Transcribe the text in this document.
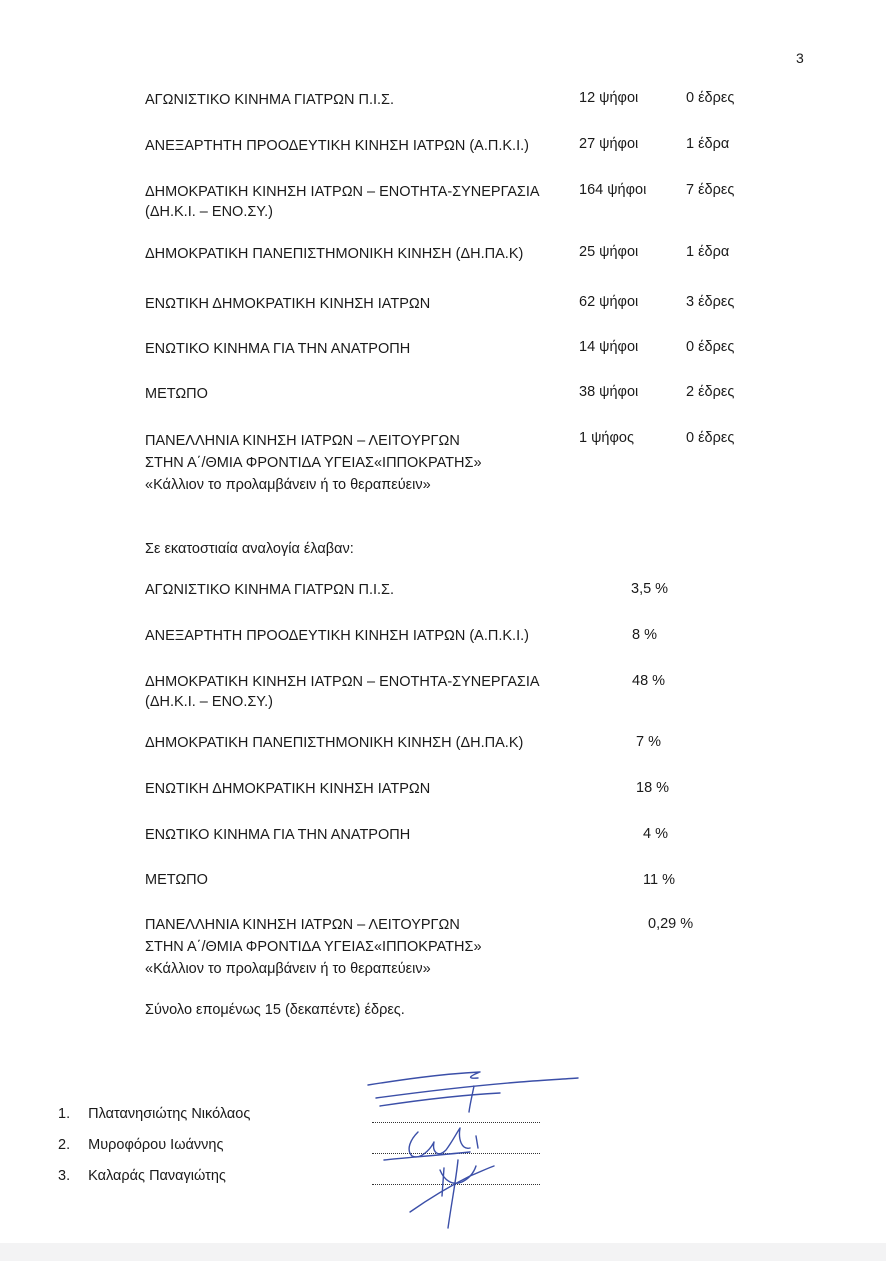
3
ΑΓΩΝΙΣΤΙΚΟ ΚΙΝΗΜΑ ΓΙΑΤΡΩΝ Π.Ι.Σ.	12 ψήφοι	0 έδρες
ΑΝΕΞΑΡΤΗΤΗ ΠΡΟΟΔΕΥΤΙΚΗ ΚΙΝΗΣΗ ΙΑΤΡΩΝ (Α.Π.Κ.Ι.)	27 ψήφοι	1 έδρα
ΔΗΜΟΚΡΑΤΙΚΗ ΚΙΝΗΣΗ ΙΑΤΡΩΝ – ΕΝΟΤΗΤΑ-ΣΥΝΕΡΓΑΣΙΑ
(ΔΗ.Κ.Ι. – ΕΝΟ.ΣΥ.)
164 ψήφοι	7 έδρες
ΔΗΜΟΚΡΑΤΙΚΗ ΠΑΝΕΠΙΣΤΗΜΟΝΙΚΗ ΚΙΝΗΣΗ (ΔΗ.ΠΑ.Κ)	25 ψήφοι	1 έδρα
ΕΝΩΤΙΚΗ ΔΗΜΟΚΡΑΤΙΚΗ ΚΙΝΗΣΗ ΙΑΤΡΩΝ	62 ψήφοι	3 έδρες
ΕΝΩΤΙΚΟ ΚΙΝΗΜΑ ΓΙΑ ΤΗΝ ΑΝΑΤΡΟΠΗ	14 ψήφοι	0 έδρες
ΜΕΤΩΠΟ	38 ψήφοι	2 έδρες
ΠΑΝΕΛΛΗΝΙΑ ΚΙΝΗΣΗ ΙΑΤΡΩΝ – ΛΕΙΤΟΥΡΓΩΝ
ΣΤΗΝ Α΄/ΘΜΙΑ ΦΡΟΝΤΙΔΑ ΥΓΕΙΑΣ«ΙΠΠΟΚΡΑΤΗΣ»
«Κάλλιον το προλαμβάνειν ή το θεραπεύειν»
1 ψήφος	0 έδρες
Σε εκατοστιαία αναλογία έλαβαν:
ΑΓΩΝΙΣΤΙΚΟ ΚΙΝΗΜΑ ΓΙΑΤΡΩΝ Π.Ι.Σ.	3,5 %
ΑΝΕΞΑΡΤΗΤΗ ΠΡΟΟΔΕΥΤΙΚΗ ΚΙΝΗΣΗ ΙΑΤΡΩΝ (Α.Π.Κ.Ι.)	8 %
ΔΗΜΟΚΡΑΤΙΚΗ ΚΙΝΗΣΗ ΙΑΤΡΩΝ – ΕΝΟΤΗΤΑ-ΣΥΝΕΡΓΑΣΙΑ
(ΔΗ.Κ.Ι. – ΕΝΟ.ΣΥ.)
48 %
ΔΗΜΟΚΡΑΤΙΚΗ ΠΑΝΕΠΙΣΤΗΜΟΝΙΚΗ ΚΙΝΗΣΗ (ΔΗ.ΠΑ.Κ)	7 %
ΕΝΩΤΙΚΗ ΔΗΜΟΚΡΑΤΙΚΗ ΚΙΝΗΣΗ ΙΑΤΡΩΝ	18 %
ΕΝΩΤΙΚΟ ΚΙΝΗΜΑ ΓΙΑ ΤΗΝ ΑΝΑΤΡΟΠΗ	4 %
ΜΕΤΩΠΟ	11 %
ΠΑΝΕΛΛΗΝΙΑ ΚΙΝΗΣΗ ΙΑΤΡΩΝ – ΛΕΙΤΟΥΡΓΩΝ
ΣΤΗΝ Α΄/ΘΜΙΑ ΦΡΟΝΤΙΔΑ ΥΓΕΙΑΣ«ΙΠΠΟΚΡΑΤΗΣ»
«Κάλλιον το προλαμβάνειν ή το θεραπεύειν»
0,29 %
Σύνολο επομένως 15 (δεκαπέντε) έδρες.
1. Πλατανησιώτης Νικόλαος
2. Μυροφόρου Ιωάννης
3. Καλαράς Παναγιώτης
